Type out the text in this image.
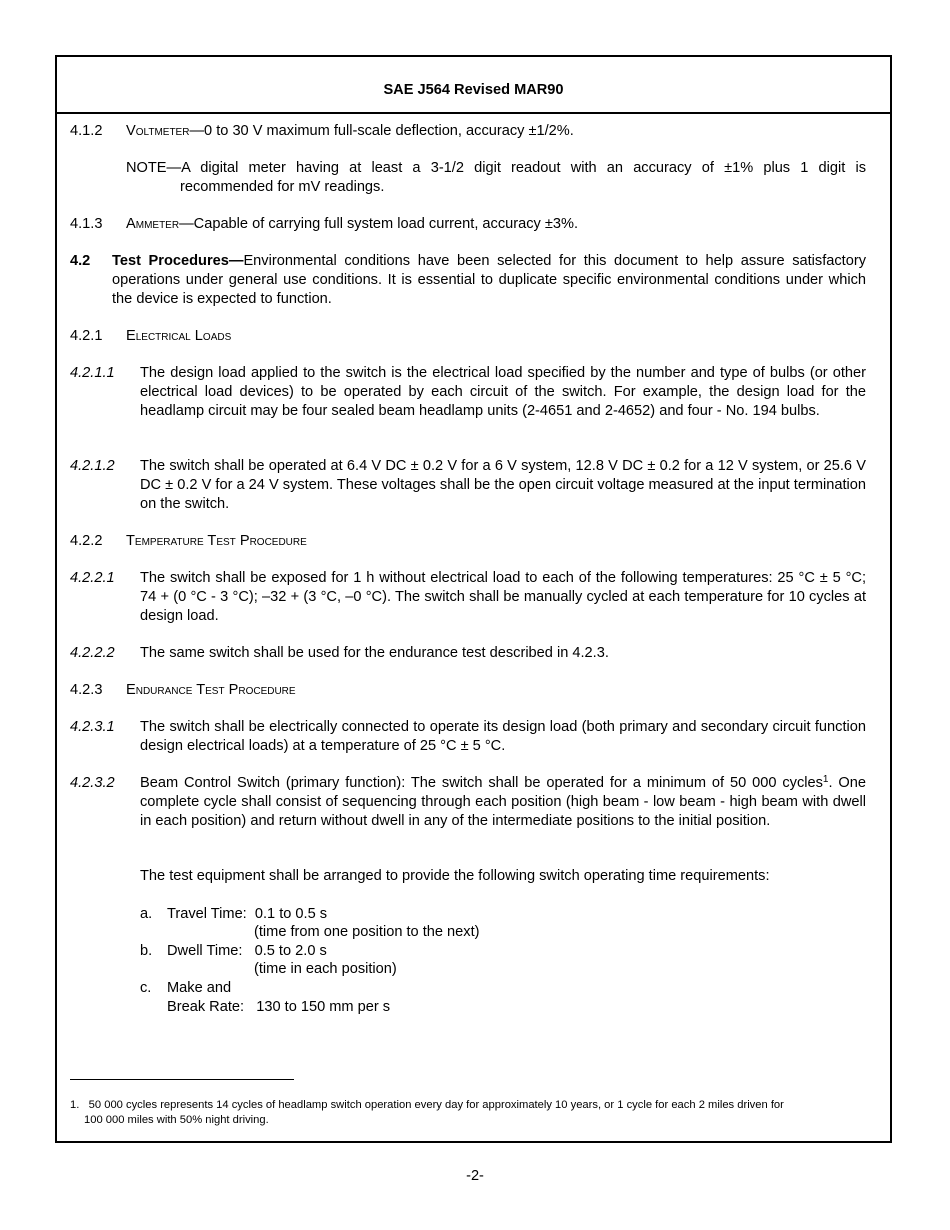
SAE J564 Revised MAR90
4.1.2 Voltmeter—0 to 30 V maximum full-scale deflection, accuracy ±1/2%.
NOTE—A digital meter having at least a 3-1/2 digit readout with an accuracy of ±1% plus 1 digit is
recommended for mV readings.
4.1.3 Ammeter—Capable of carrying full system load current, accuracy ±3%.
4.2 Test Procedures—Environmental conditions have been selected for this document to help assure satisfactory operations under general use conditions. It is essential to duplicate specific environmental conditions under which the device is expected to function.
4.2.1 Electrical Loads
4.2.1.1 The design load applied to the switch is the electrical load specified by the number and type of bulbs (or other electrical load devices) to be operated by each circuit of the switch. For example, the design load for the headlamp circuit may be four sealed beam headlamp units (2-4651 and 2-4652) and four - No. 194 bulbs.
4.2.1.2 The switch shall be operated at 6.4 V DC ± 0.2 V for a 6 V system, 12.8 V DC ± 0.2 for a 12 V system, or 25.6 V DC ± 0.2 V for a 24 V system. These voltages shall be the open circuit voltage measured at the input termination on the switch.
4.2.2 Temperature Test Procedure
4.2.2.1 The switch shall be exposed for 1 h without electrical load to each of the following temperatures: 25 °C ± 5 °C; 74 + (0 °C - 3 °C); –32 + (3 °C, –0 °C). The switch shall be manually cycled at each temperature for 10 cycles at design load.
4.2.2.2 The same switch shall be used for the endurance test described in 4.2.3.
4.2.3 Endurance Test Procedure
4.2.3.1 The switch shall be electrically connected to operate its design load (both primary and secondary circuit function design electrical loads) at a temperature of 25 °C ± 5 °C.
4.2.3.2 Beam Control Switch (primary function): The switch shall be operated for a minimum of 50 000 cycles$^1$. One complete cycle shall consist of sequencing through each position (high beam - low beam - high beam with dwell in each position) and return without dwell in any of the intermediate positions to the initial position.
The test equipment shall be arranged to provide the following switch operating time requirements:
a. Travel Time: 0.1 to 0.5 s
(time from one position to the next)
b. Dwell Time: 0.5 to 2.0 s
(time in each position)
c. Make and
Break Rate: 130 to 150 mm per s
1. 50 000 cycles represents 14 cycles of headlamp switch operation every day for approximately 10 years, or 1 cycle for each 2 miles driven for
100 000 miles with 50% night driving.
-2-
